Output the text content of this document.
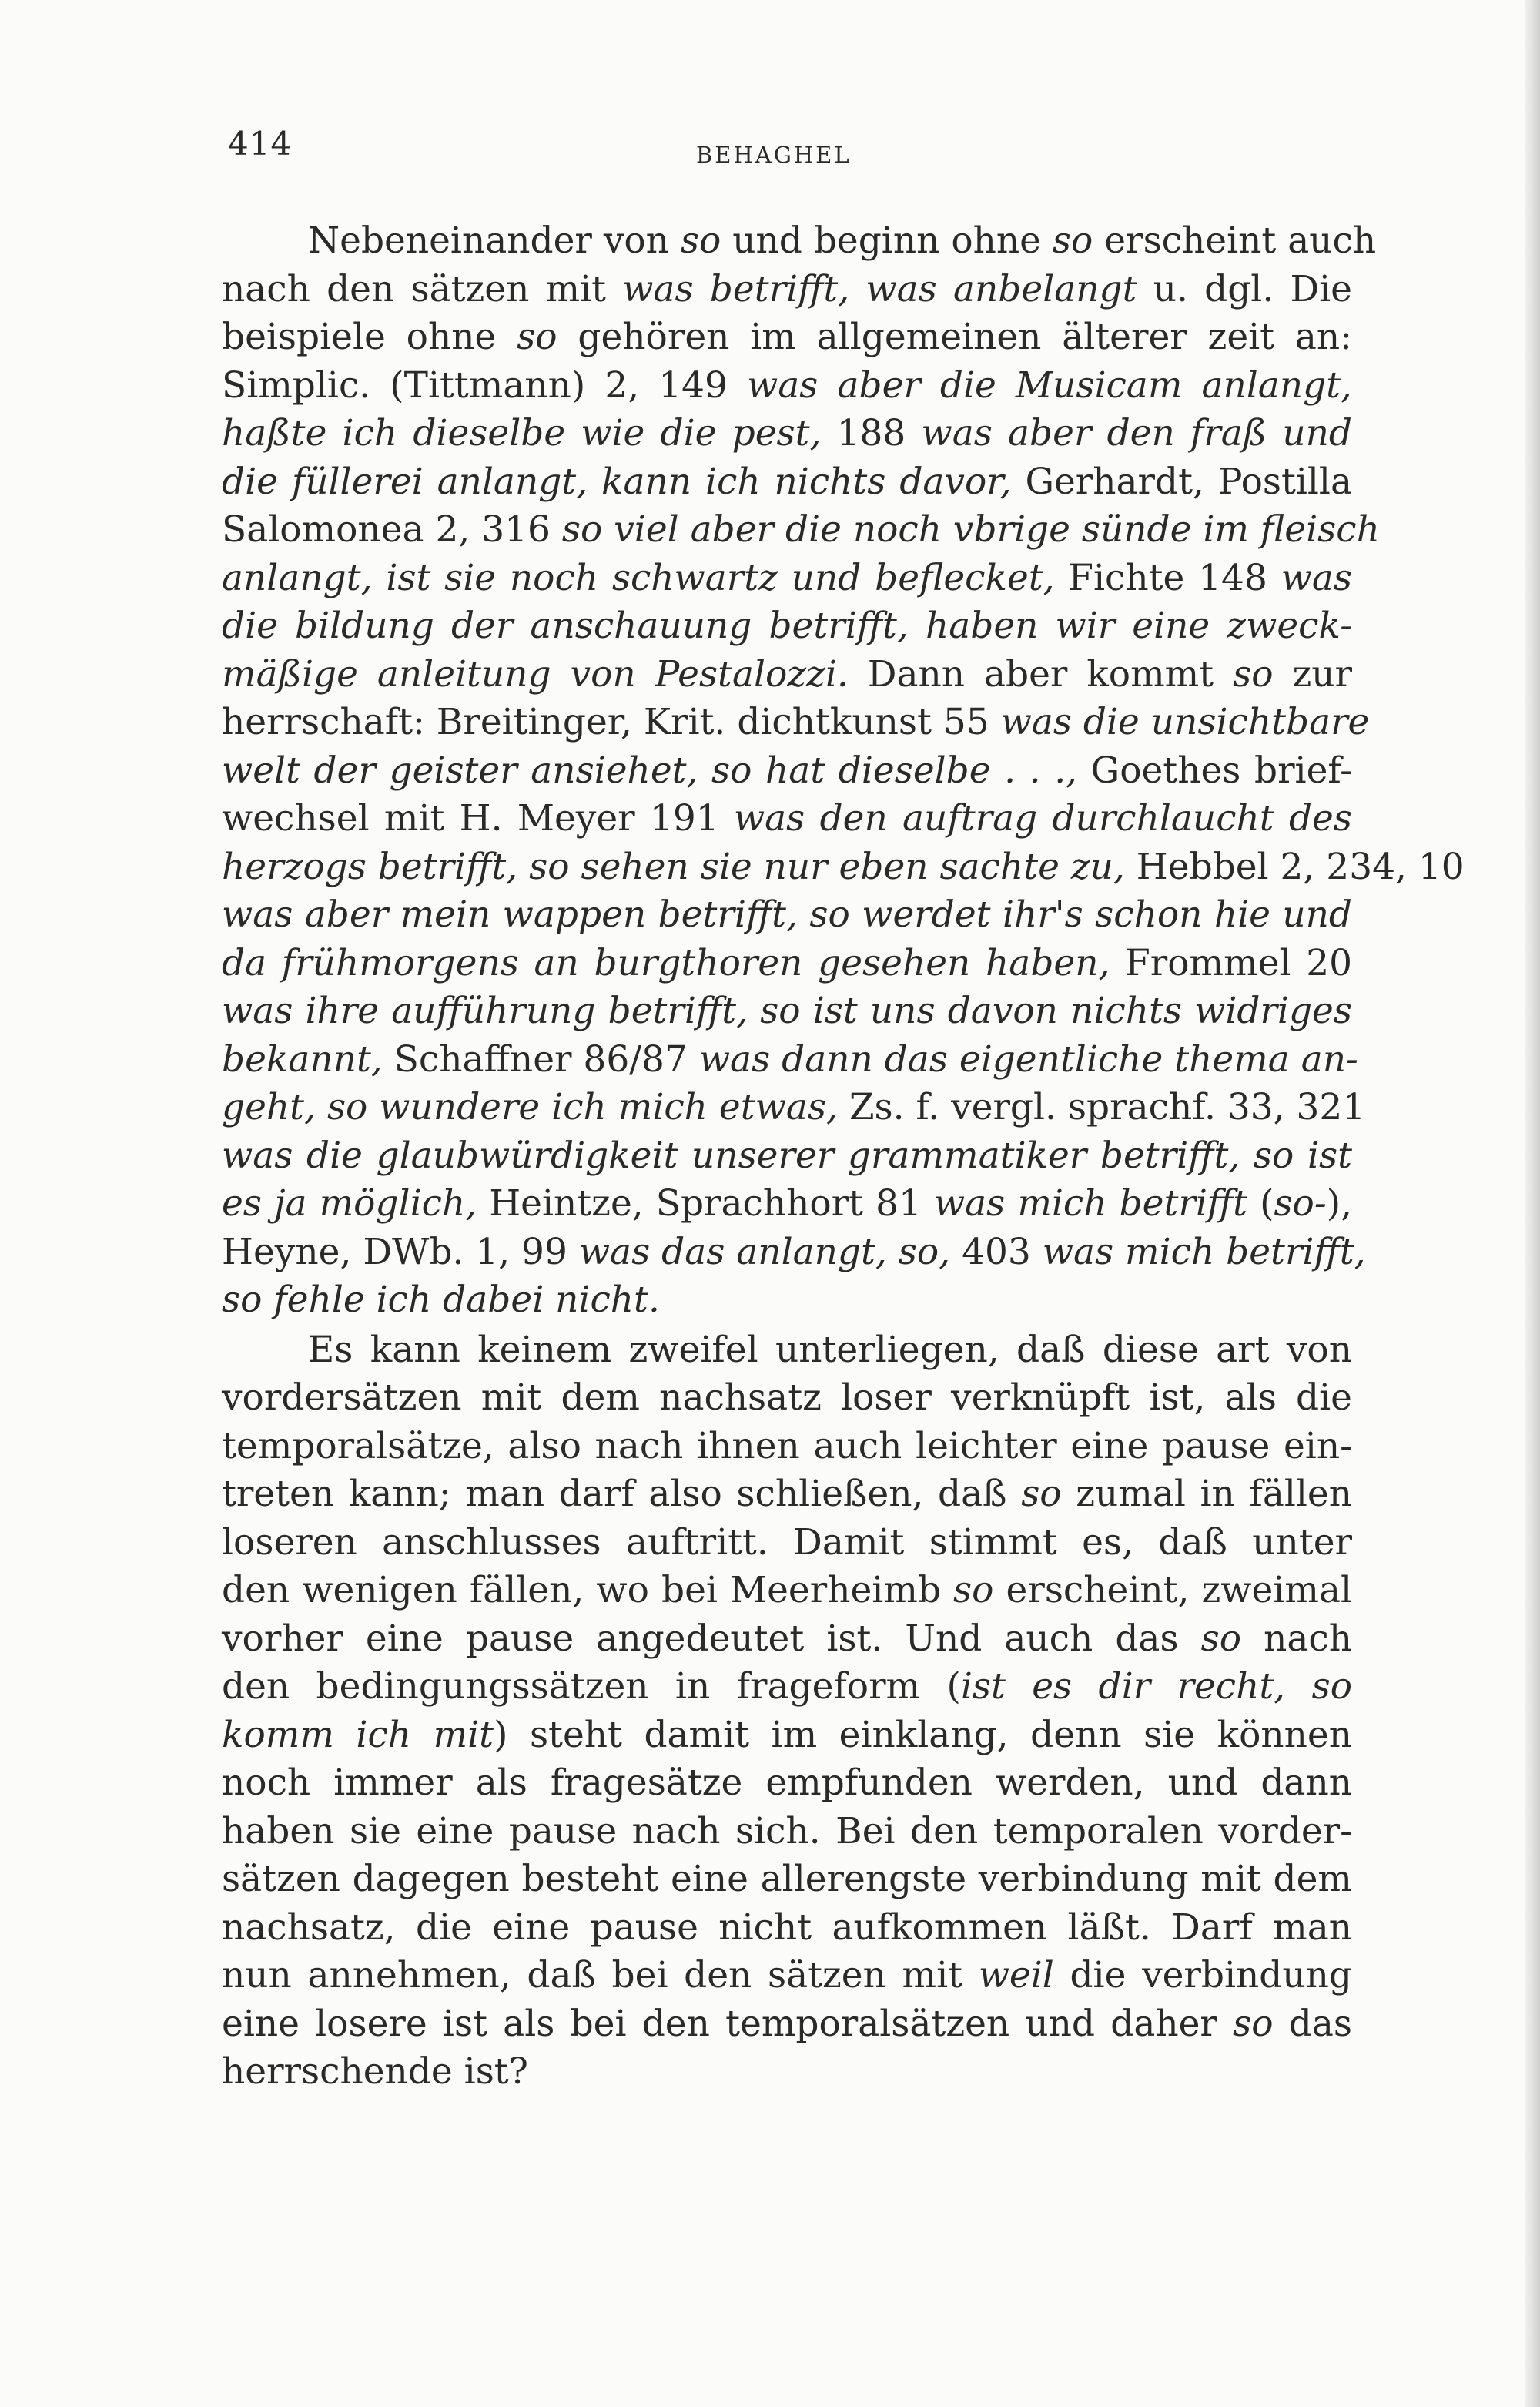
414	BEHAGHEL
Nebeneinander von so und beginn ohne so erscheint auch
nach den sätzen mit was betrifft, was anbelangt u. dgl. Die
beispiele ohne so gehören im allgemeinen älterer zeit an:
Simplic. (Tittmann) 2, 149 was aber die Musicam anlangt,
haßte ich dieselbe wie die pest, 188 was aber den fraß und
die füllerei anlangt, kann ich nichts davor, Gerhardt, Postilla
Salomonea 2, 316 so viel aber die noch vbrige sünde im fleisch
anlangt, ist sie noch schwartz und beflecket, Fichte 148 was
die bildung der anschauung betrifft, haben wir eine zweck-
mäßige anleitung von Pestalozzi. Dann aber kommt so zur
herrschaft: Breitinger, Krit. dichtkunst 55 was die unsichtbare
welt der geister ansiehet, so hat dieselbe . . ., Goethes brief-
wechsel mit H. Meyer 191 was den auftrag durchlaucht des
herzogs betrifft, so sehen sie nur eben sachte zu, Hebbel 2, 234, 10
was aber mein wappen betrifft, so werdet ihr's schon hie und
da frühmorgens an burgthoren gesehen haben, Frommel 20
was ihre aufführung betrifft, so ist uns davon nichts widriges
bekannt, Schaffner 86/87 was dann das eigentliche thema an-
geht, so wundere ich mich etwas, Zs. f. vergl. sprachf. 33, 321
was die glaubwürdigkeit unserer grammatiker betrifft, so ist
es ja möglich, Heintze, Sprachhort 81 was mich betrifft (so-),
Heyne, DWb. 1, 99 was das anlangt, so, 403 was mich betrifft,
so fehle ich dabei nicht.
Es kann keinem zweifel unterliegen, daß diese art von
vordersätzen mit dem nachsatz loser verknüpft ist, als die
temporalsätze, also nach ihnen auch leichter eine pause ein-
treten kann; man darf also schließen, daß so zumal in fällen
loseren anschlusses auftritt. Damit stimmt es, daß unter
den wenigen fällen, wo bei Meerheimb so erscheint, zweimal
vorher eine pause angedeutet ist. Und auch das so nach
den bedingungssätzen in frageform (ist es dir recht, so
komm ich mit) steht damit im einklang, denn sie können
noch immer als fragesätze empfunden werden, und dann
haben sie eine pause nach sich. Bei den temporalen vorder-
sätzen dagegen besteht eine allerengste verbindung mit dem
nachsatz, die eine pause nicht aufkommen läßt. Darf man
nun annehmen, daß bei den sätzen mit weil die verbindung
eine losere ist als bei den temporalsätzen und daher so das
herrschende ist?
